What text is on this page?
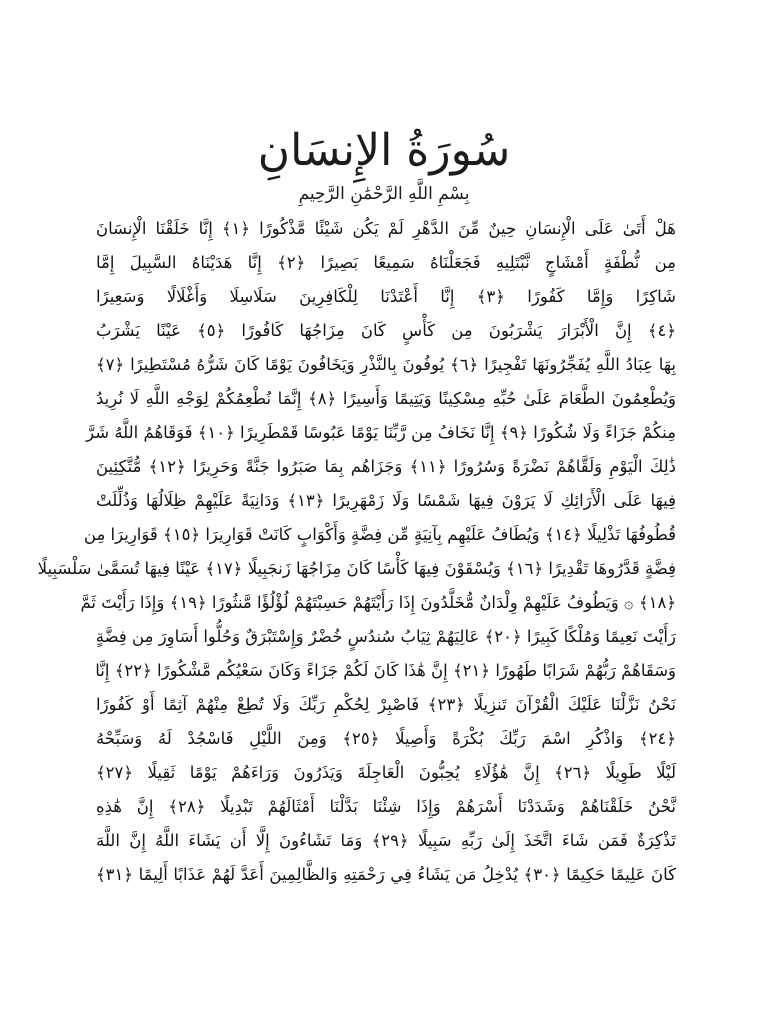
سُورَةُ الإِنسَانِ
بِسْمِ اللَّهِ الرَّحْمَٰنِ الرَّحِيمِ
هَلْ أَتَىٰ عَلَى الْإِنسَانِ حِينٌ مِّنَ الدَّهْرِ لَمْ يَكُن شَيْئًا مَّذْكُورًا ﴿١﴾ إِنَّا خَلَقْنَا الْإِنسَانَ
مِن نُّطْفَةٍ أَمْشَاجٍ نَّبْتَلِيهِ فَجَعَلْنَاهُ سَمِيعًا بَصِيرًا ﴿٢﴾ إِنَّا هَدَيْنَاهُ السَّبِيلَ إِمَّا
شَاكِرًا وَإِمَّا كَفُورًا ﴿٣﴾ إِنَّا أَعْتَدْنَا لِلْكَافِرِينَ سَلَاسِلَا وَأَغْلَالًا وَسَعِيرًا
﴿٤﴾ إِنَّ الْأَبْرَارَ يَشْرَبُونَ مِن كَأْسٍ كَانَ مِزَاجُهَا كَافُورًا ﴿٥﴾ عَيْنًا يَشْرَبُ
بِهَا عِبَادُ اللَّهِ يُفَجِّرُونَهَا تَفْجِيرًا ﴿٦﴾ يُوفُونَ بِالنَّذْرِ وَيَخَافُونَ يَوْمًا كَانَ شَرُّهُ مُسْتَطِيرًا ﴿٧﴾
وَيُطْعِمُونَ الطَّعَامَ عَلَىٰ حُبِّهِ مِسْكِينًا وَيَتِيمًا وَأَسِيرًا ﴿٨﴾ إِنَّمَا نُطْعِمُكُمْ لِوَجْهِ اللَّهِ لَا نُرِيدُ
مِنكُمْ جَزَاءً وَلَا شُكُورًا ﴿٩﴾ إِنَّا نَخَافُ مِن رَّبِّنَا يَوْمًا عَبُوسًا قَمْطَرِيرًا ﴿١٠﴾ فَوَقَاهُمُ اللَّهُ شَرَّ
ذَٰلِكَ الْيَوْمِ وَلَقَّاهُمْ نَضْرَةً وَسُرُورًا ﴿١١﴾ وَجَزَاهُم بِمَا صَبَرُوا جَنَّةً وَحَرِيرًا ﴿١٢﴾ مُّتَّكِئِينَ
فِيهَا عَلَى الْأَرَائِكِ لَا يَرَوْنَ فِيهَا شَمْسًا وَلَا زَمْهَرِيرًا ﴿١٣﴾ وَدَانِيَةً عَلَيْهِمْ ظِلَالُهَا وَذُلِّلَتْ
قُطُوفُهَا تَذْلِيلًا ﴿١٤﴾ وَيُطَافُ عَلَيْهِم بِآنِيَةٍ مِّن فِضَّةٍ وَأَكْوَابٍ كَانَتْ قَوَارِيرَا ﴿١٥﴾ قَوَارِيرَا مِن
فِضَّةٍ قَدَّرُوهَا تَقْدِيرًا ﴿١٦﴾ وَيُسْقَوْنَ فِيهَا كَأْسًا كَانَ مِزَاجُهَا زَنجَبِيلًا ﴿١٧﴾ عَيْنًا فِيهَا تُسَمَّىٰ سَلْسَبِيلًا
﴿١٨﴾ ۞ وَيَطُوفُ عَلَيْهِمْ وِلْدَانٌ مُّخَلَّدُونَ إِذَا رَأَيْتَهُمْ حَسِبْتَهُمْ لُؤْلُؤًا مَّنثُورًا ﴿١٩﴾ وَإِذَا رَأَيْتَ ثَمَّ
رَأَيْتَ نَعِيمًا وَمُلْكًا كَبِيرًا ﴿٢٠﴾ عَالِيَهُمْ ثِيَابُ سُندُسٍ خُضْرٌ وَإِسْتَبْرَقٌ وَحُلُّوا أَسَاوِرَ مِن فِضَّةٍ
وَسَقَاهُمْ رَبُّهُمْ شَرَابًا طَهُورًا ﴿٢١﴾ إِنَّ هَٰذَا كَانَ لَكُمْ جَزَاءً وَكَانَ سَعْيُكُم مَّشْكُورًا ﴿٢٢﴾ إِنَّا
نَحْنُ نَزَّلْنَا عَلَيْكَ الْقُرْآنَ تَنزِيلًا ﴿٢٣﴾ فَاصْبِرْ لِحُكْمِ رَبِّكَ وَلَا تُطِعْ مِنْهُمْ آثِمًا أَوْ كَفُورًا
﴿٢٤﴾ وَاذْكُرِ اسْمَ رَبِّكَ بُكْرَةً وَأَصِيلًا ﴿٢٥﴾ وَمِنَ اللَّيْلِ فَاسْجُدْ لَهُ وَسَبِّحْهُ
لَيْلًا طَوِيلًا ﴿٢٦﴾ إِنَّ هَٰؤُلَاءِ يُحِبُّونَ الْعَاجِلَةَ وَيَذَرُونَ وَرَاءَهُمْ يَوْمًا ثَقِيلًا ﴿٢٧﴾
نَّحْنُ خَلَقْنَاهُمْ وَشَدَدْنَا أَسْرَهُمْ وَإِذَا شِئْنَا بَدَّلْنَا أَمْثَالَهُمْ تَبْدِيلًا ﴿٢٨﴾ إِنَّ هَٰذِهِ
تَذْكِرَةٌ فَمَن شَاءَ اتَّخَذَ إِلَىٰ رَبِّهِ سَبِيلًا ﴿٢٩﴾ وَمَا تَشَاءُونَ إِلَّا أَن يَشَاءَ اللَّهُ إِنَّ اللَّهَ
كَانَ عَلِيمًا حَكِيمًا ﴿٣٠﴾ يُدْخِلُ مَن يَشَاءُ فِي رَحْمَتِهِ وَالظَّالِمِينَ أَعَدَّ لَهُمْ عَذَابًا أَلِيمًا ﴿٣١﴾
